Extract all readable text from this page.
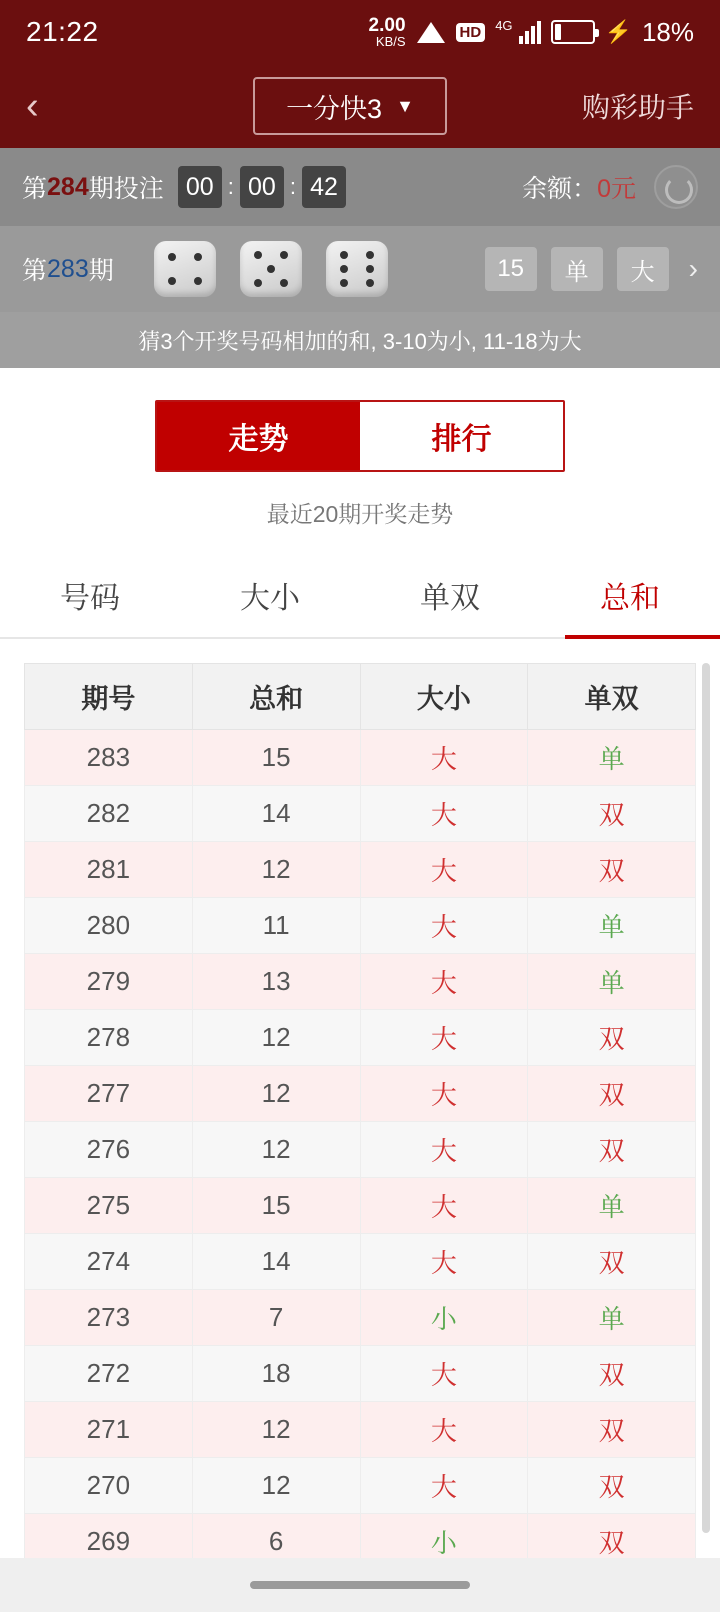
21:22	2.00
KB/S
HD	4G	⚡ 18%
‹	一分快3 ▼	购彩助手
第 284 期投注 00 : 00 : 42	余额： 0元
第 283 期	15	单	大	›
猜3个开奖号码相加的和, 3-10为小, 11-18为大
走势	排行
最近20期开奖走势
号码	大小	单双	总和
期号	总和	大小	单双
283	15	大	单
282	14	大	双
281	12	大	双
280	11	大	单
279	13	大	单
278	12	大	双
277	12	大	双
276	12	大	双
275	15	大	单
274	14	大	双
273	7	小	单
272	18	大	双
271	12	大	双
270	12	大	双
269	6	小	双
